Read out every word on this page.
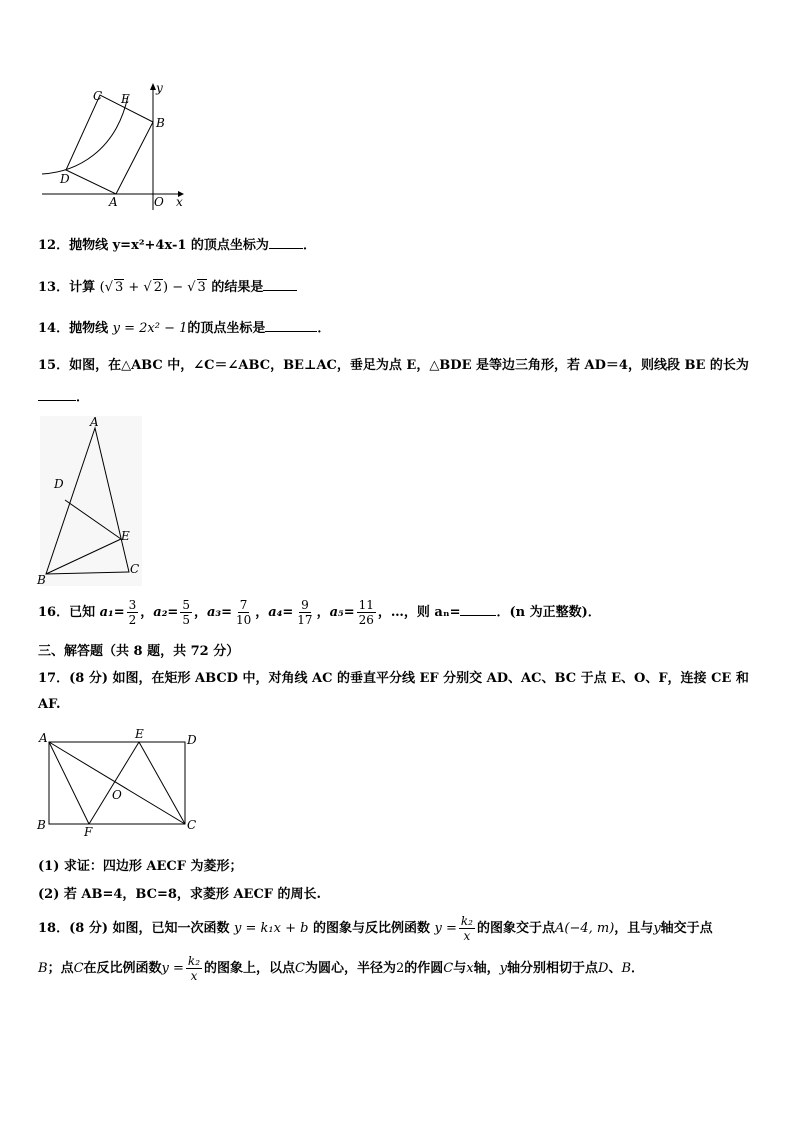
C E
y
B
D
A	O x
12．抛物线 y=x²+4x-1 的顶点坐标为	．
13．计算 (√ 3 + √ 2) − √ 3 的结果是
14．抛物线 y = 2x² − 1的顶点坐标是	．
15．如图，在△ABC 中，∠C＝∠ABC，BE⊥AC，垂足为点 E，△BDE 是等边三角形，若 AD＝4，则线段 BE 的长为
．
A
D
E
B
C
16．已知 $a_1= \frac{3}{2}$ ，$a_2= \frac{5}{5}$ ，$a_3= \frac{7}{10}$ ，$a_4= \frac{9}{17}$ ，$a_5= \frac{11}{26}$ ，…，则 aₙ=	．(n 为正整数)．
三、解答题（共 8 题，共 72 分）
17．(8 分) 如图，在矩形 ABCD 中，对角线 AC 的垂直平分线 EF 分别交 AD、AC、BC 于点 E、O、F，连接 CE 和
AF.
A	E	D
O
B	F	C
(1) 求证：四边形 AECF 为菱形；
(2) 若 AB=4，BC=8，求菱形 AECF 的周长.
18．(8 分) 如图，已知一次函数 y = k₁x + b 的图象与反比例函数 $y = \frac{\text{k₂}}{x}$ 的图象交于点A(−4, m)，且与y轴交于点
B；点C在反比例函数$y = \frac{\text{k₂}}{x}$ 的图象上，以点C为圆心，半径为2的作圆C与x轴，y轴分别相切于点D、B．
